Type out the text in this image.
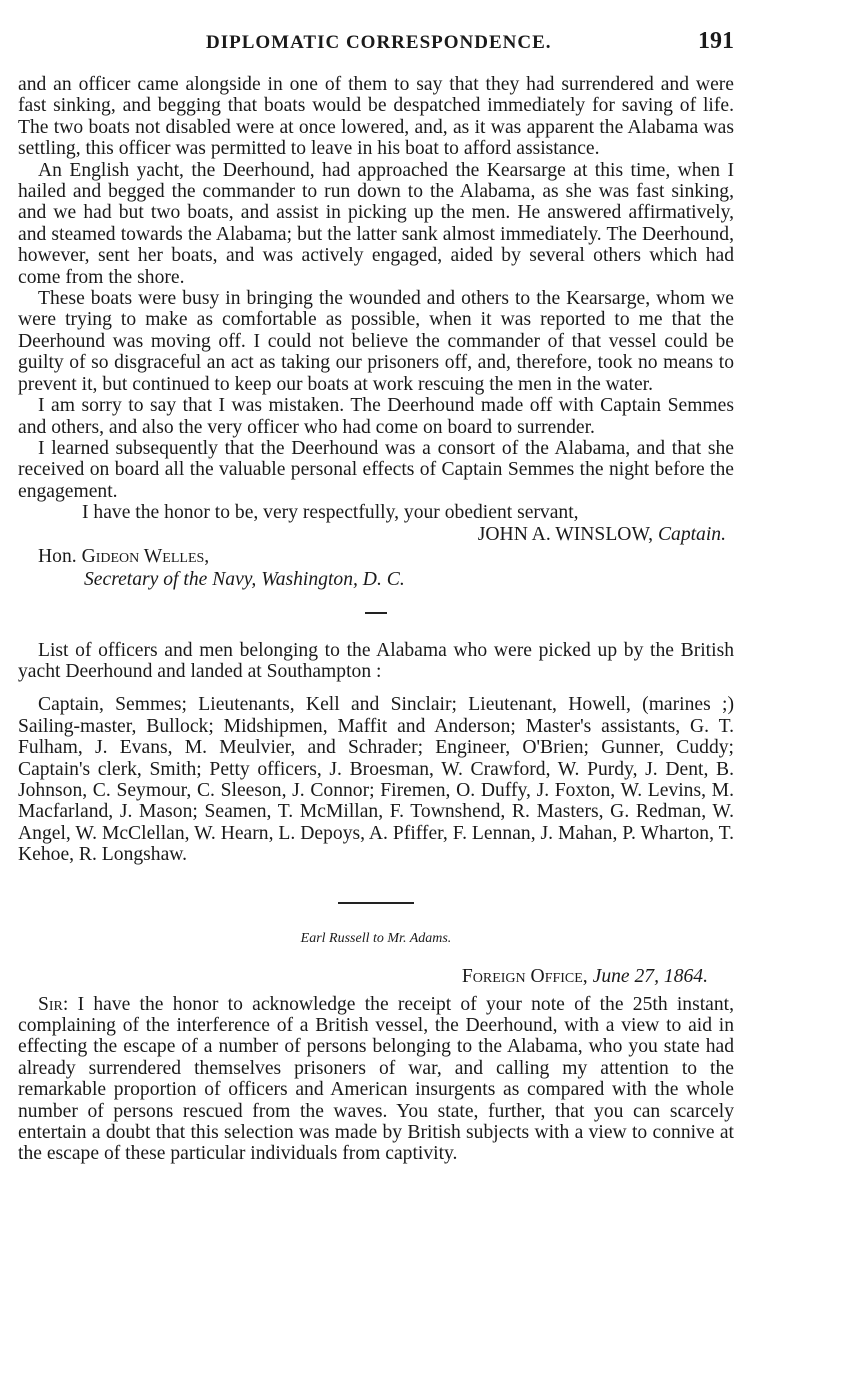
DIPLOMATIC CORRESPONDENCE.	191

and an officer came alongside in one of them to say that they had surrendered and were fast sinking, and begging that boats would be despatched immediately for saving of life. The two boats not disabled were at once lowered, and, as it was apparent the Alabama was settling, this officer was permitted to leave in his boat to afford assistance.

An English yacht, the Deerhound, had approached the Kearsarge at this time, when I hailed and begged the commander to run down to the Alabama, as she was fast sinking, and we had but two boats, and assist in picking up the men. He answered affirmatively, and steamed towards the Alabama; but the latter sank almost immediately. The Deerhound, however, sent her boats, and was actively engaged, aided by several others which had come from the shore.

These boats were busy in bringing the wounded and others to the Kearsarge, whom we were trying to make as comfortable as possible, when it was reported to me that the Deerhound was moving off. I could not believe the commander of that vessel could be guilty of so disgraceful an act as taking our prisoners off, and, therefore, took no means to prevent it, but continued to keep our boats at work rescuing the men in the water.

I am sorry to say that I was mistaken. The Deerhound made off with Captain Semmes and others, and also the very officer who had come on board to surrender.

I learned subsequently that the Deerhound was a consort of the Alabama, and that she received on board all the valuable personal effects of Captain Semmes the night before the engagement.

I have the honor to be, very respectfully, your obedient servant,
JOHN A. WINSLOW, Captain.
Hon. Gideon Welles,
Secretary of the Navy, Washington, D. C.

List of officers and men belonging to the Alabama who were picked up by the British yacht Deerhound and landed at Southampton :

Captain, Semmes; Lieutenants, Kell and Sinclair; Lieutenant, Howell, (marines ;) Sailing-master, Bullock; Midshipmen, Maffit and Anderson; Master's assistants, G. T. Fulham, J. Evans, M. Meulvier, and Schrader; Engineer, O'Brien; Gunner, Cuddy; Captain's clerk, Smith; Petty officers, J. Broesman, W. Crawford, W. Purdy, J. Dent, B. Johnson, C. Seymour, C. Sleeson, J. Connor; Firemen, O. Duffy, J. Foxton, W. Levins, M. Macfarland, J. Mason; Seamen, T. McMillan, F. Townshend, R. Masters, G. Redman, W. Angel, W. McClellan, W. Hearn, L. Depoys, A. Pfiffer, F. Lennan, J. Mahan, P. Wharton, T. Kehoe, R. Longshaw.

Earl Russell to Mr. Adams.
Foreign Office, June 27, 1864.

Sir: I have the honor to acknowledge the receipt of your note of the 25th instant, complaining of the interference of a British vessel, the Deerhound, with a view to aid in effecting the escape of a number of persons belonging to the Alabama, who you state had already surrendered themselves prisoners of war, and calling my attention to the remarkable proportion of officers and American insurgents as compared with the whole number of persons rescued from the waves. You state, further, that you can scarcely entertain a doubt that this selection was made by British subjects with a view to connive at the escape of these particular individuals from captivity.
